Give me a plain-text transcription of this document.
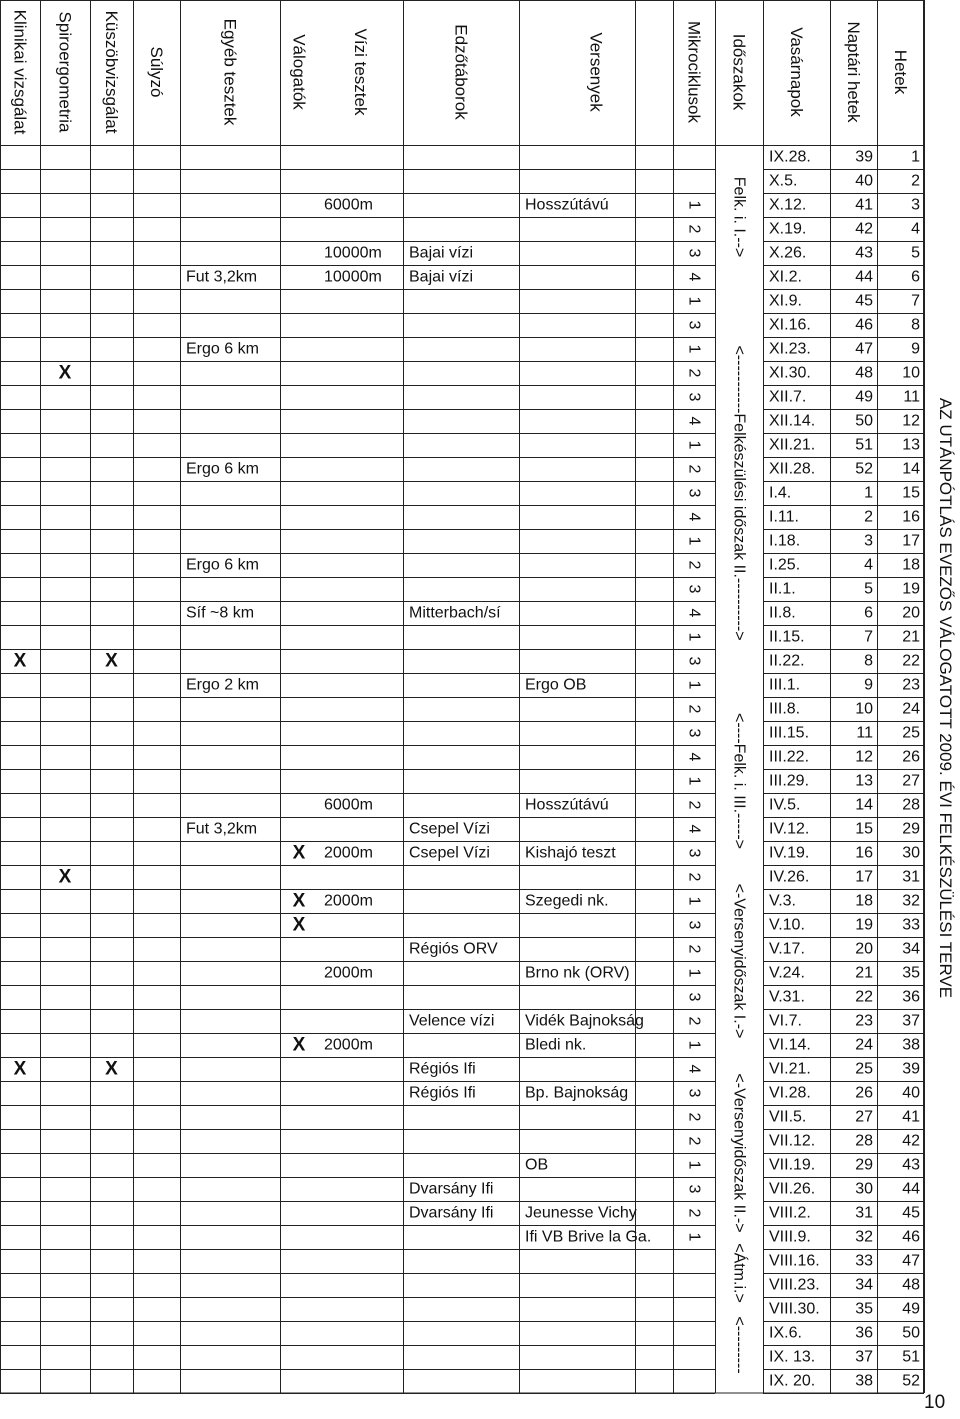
Hetek
Naptári hetek
Vasárnapok
Időszakok
Mikrociklusok
Versenyek
Edzőtáborok
Vízi tesztek
Válogatók
Egyéb tesztek
Súlyzó
Küszöbvizsgálat
Spiroergometria
Klinikai vizsgálat
1
39
IX.28.
2
40
X.5.
3
41
X.12.
1
Hosszútávú
6000m
4
42
X.19.
2
5
43
X.26.
3
Bajai vízi
10000m
6
44
XI.2.
4
Bajai vízi
10000m
Fut 3,2km
7
45
XI.9.
1
8
46
XI.16.
3
9
47
XI.23.
1
Ergo 6 km
10
48
XI.30.
2
X
11
49
XII.7.
3
12
50
XII.14.
4
13
51
XII.21.
1
14
52
XII.28.
2
Ergo 6 km
15
1
I.4.
3
16
2
I.11.
4
17
3
I.18.
1
18
4
I.25.
2
Ergo 6 km
19
5
II.1.
3
20
6
II.8.
4
Mitterbach/sí
Síf ~8 km
21
7
II.15.
1
22
8
II.22.
3
X
X
23
9
III.1.
1
Ergo OB
Ergo 2 km
24
10
III.8.
2
25
11
III.15.
3
26
12
III.22.
4
27
13
III.29.
1
28
14
IV.5.
2
Hosszútávú
6000m
29
15
IV.12.
4
Csepel Vízi
Fut 3,2km
30
16
IV.19.
3
Kishajó teszt
Csepel Vízi
2000m
X
31
17
IV.26.
2
X
32
18
V.3.
1
Szegedi nk.
2000m
X
33
19
V.10.
3
X
34
20
V.17.
2
Régiós ORV
35
21
V.24.
1
Brno nk (ORV)
2000m
36
22
V.31.
3
37
23
VI.7.
2
Vidék Bajnokság
Velence vízi
38
24
VI.14.
1
Bledi nk.
2000m
X
39
25
VI.21.
4
Régiós Ifi
X
X
40
26
VI.28.
3
Bp. Bajnokság
Régiós Ifi
41
27
VII.5.
2
42
28
VII.12.
2
43
29
VII.19.
1
OB
44
30
VII.26.
3
Dvarsány Ifi
45
31
VIII.2.
2
Jeunesse Vichy
Dvarsány Ifi
46
32
VIII.9.
1
Ifi VB Brive la Ga.
47
33
VIII.16.
48
34
VIII.23.
49
35
VIII.30.
50
36
IX.6.
51
37
IX. 13.
52
38
IX. 20.
Felk. i. I.-->
<-----------Felkészülési időszak II.---------->
<----Felk. i. III.----->
<-Versenyidőszak I.->
<-Versenyidőszak II.->
<Átm.i.>
<---------
AZ UTÁNPÓTLÁS EVEZŐS VÁLOGATOTT 2009. ÉVI FELKÉSZÜLÉSI TERVE
10
